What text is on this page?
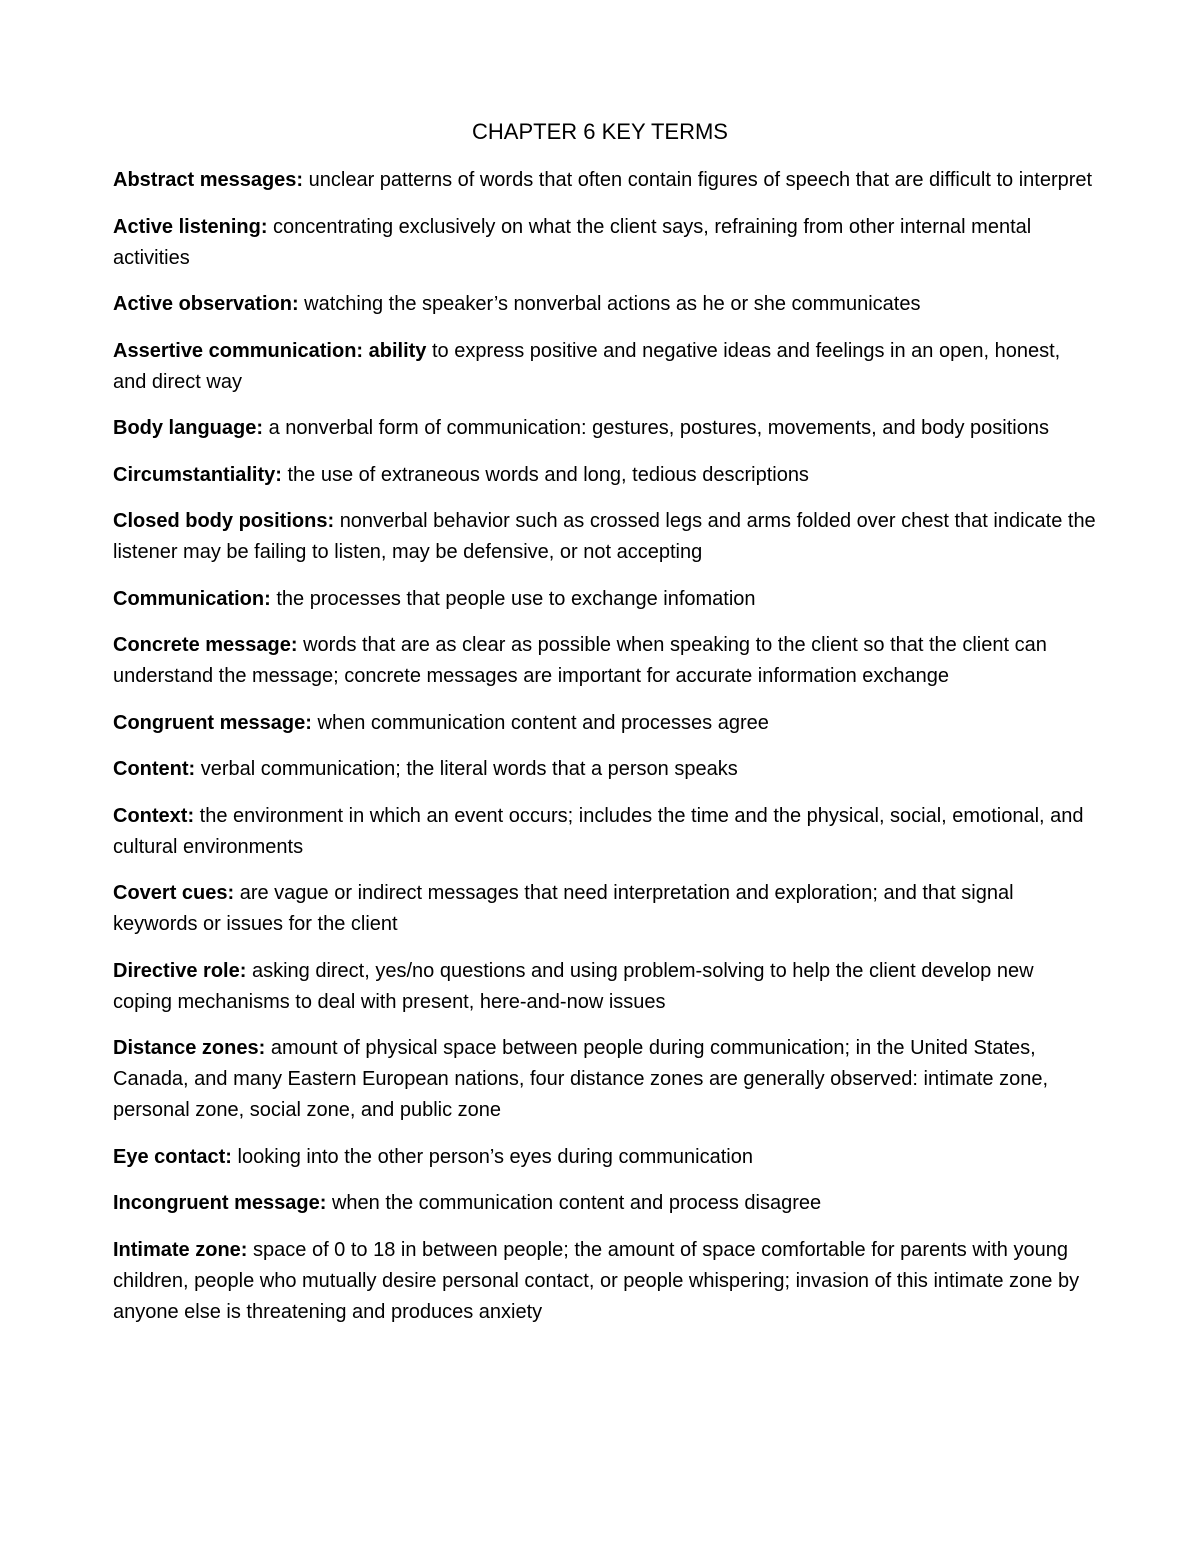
CHAPTER 6 KEY TERMS
Abstract messages: unclear patterns of words that often contain figures of speech that are difficult to interpret
Active listening: concentrating exclusively on what the client says, refraining from other internal mental activities
Active observation: watching the speaker’s nonverbal actions as he or she communicates
Assertive communication: ability to express positive and negative ideas and feelings in an open, honest, and direct way
Body language: a nonverbal form of communication: gestures, postures, movements, and body positions
Circumstantiality: the use of extraneous words and long, tedious descriptions
Closed body positions: nonverbal behavior such as crossed legs and arms folded over chest that indicate the listener may be failing to listen, may be defensive, or not accepting
Communication: the processes that people use to exchange infomation
Concrete message: words that are as clear as possible when speaking to the client so that the client can understand the message; concrete messages are important for accurate information exchange
Congruent message: when communication content and processes agree
Content: verbal communication; the literal words that a person speaks
Context: the environment in which an event occurs; includes the time and the physical, social, emotional, and cultural environments
Covert cues: are vague or indirect messages that need interpretation and exploration; and that signal keywords or issues for the client
Directive role: asking direct, yes/no questions and using problem-solving to help the client develop new coping mechanisms to deal with present, here-and-now issues
Distance zones: amount of physical space between people during communication; in the United States, Canada, and many Eastern European nations, four distance zones are generally observed: intimate zone, personal zone, social zone, and public zone
Eye contact: looking into the other person’s eyes during communication
Incongruent message: when the communication content and process disagree
Intimate zone: space of 0 to 18 in between people; the amount of space comfortable for parents with young children, people who mutually desire personal contact, or people whispering; invasion of this intimate zone by anyone else is threatening and produces anxiety
